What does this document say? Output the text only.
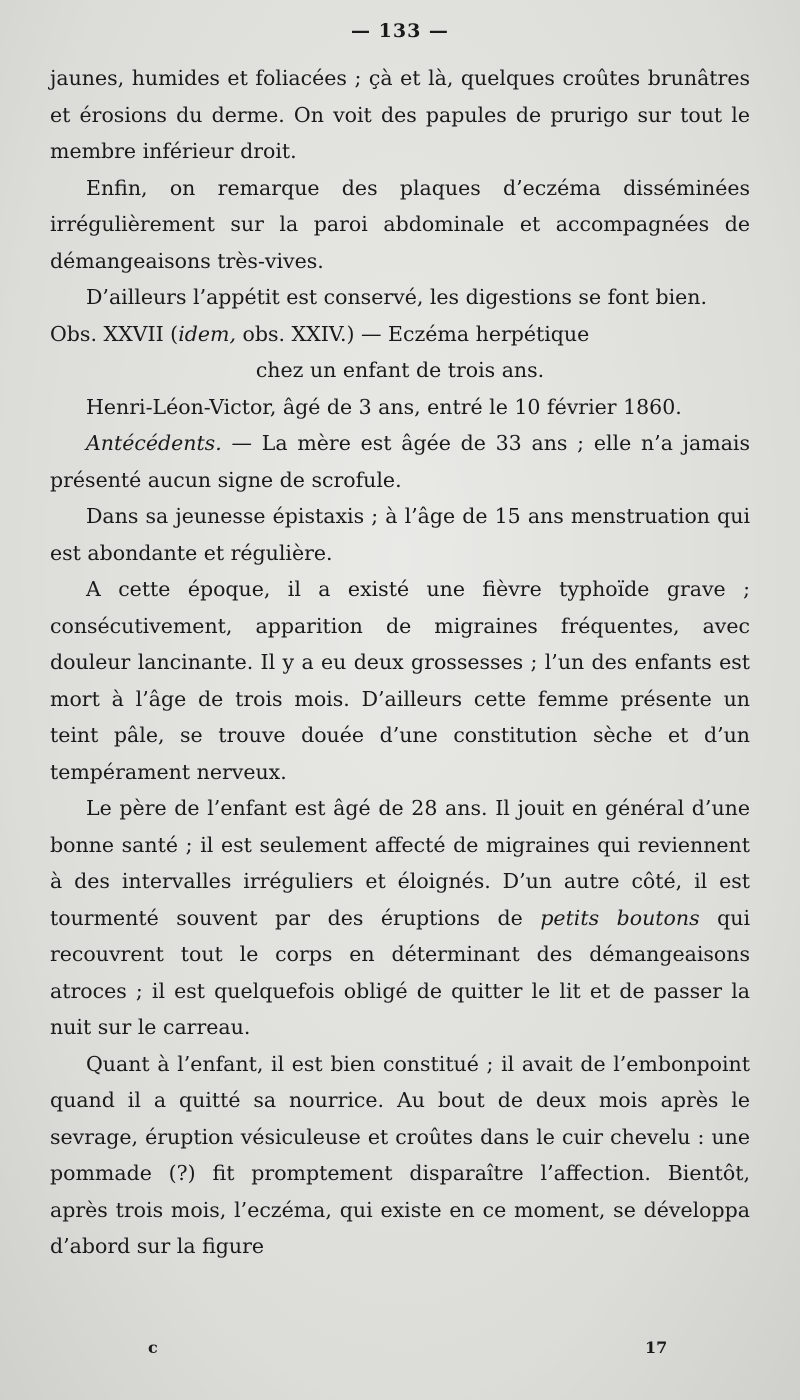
— 133 —

jaunes, humides et foliacées ; çà et là, quelques croûtes brunâtres et érosions du derme. On voit des papules de prurigo sur tout le membre inférieur droit.

Enfin, on remarque des plaques d’eczéma disséminées irrégulièrement sur la paroi abdominale et accompagnées de démangeaisons très-vives.

D’ailleurs l’appétit est conservé, les digestions se font bien.

Obs. XXVII (idem, obs. XXIV.) — Eczéma herpétique
chez un enfant de trois ans.

Henri-Léon-Victor, âgé de 3 ans, entré le 10 février 1860.

Antécédents. — La mère est âgée de 33 ans ; elle n’a jamais présenté aucun signe de scrofule.

Dans sa jeunesse épistaxis ; à l’âge de 15 ans menstruation qui est abondante et régulière.

A cette époque, il a existé une fièvre typhoïde grave ; consécutivement, apparition de migraines fréquentes, avec douleur lancinante. Il y a eu deux grossesses ; l’un des enfants est mort à l’âge de trois mois. D’ailleurs cette femme présente un teint pâle, se trouve douée d’une constitution sèche et d’un tempérament nerveux.

Le père de l’enfant est âgé de 28 ans. Il jouit en général d’une bonne santé ; il est seulement affecté de migraines qui reviennent à des intervalles irréguliers et éloignés. D’un autre côté, il est tourmenté souvent par des éruptions de petits boutons qui recouvrent tout le corps en déterminant des démangeaisons atroces ; il est quelquefois obligé de quitter le lit et de passer la nuit sur le carreau.

Quant à l’enfant, il est bien constitué ; il avait de l’embonpoint quand il a quitté sa nourrice. Au bout de deux mois après le sevrage, éruption vésiculeuse et croûtes dans le cuir chevelu : une pommade (?) fit promptement disparaître l’affection. Bientôt, après trois mois, l’eczéma, qui existe en ce moment, se développa d’abord sur la figure

c	17
